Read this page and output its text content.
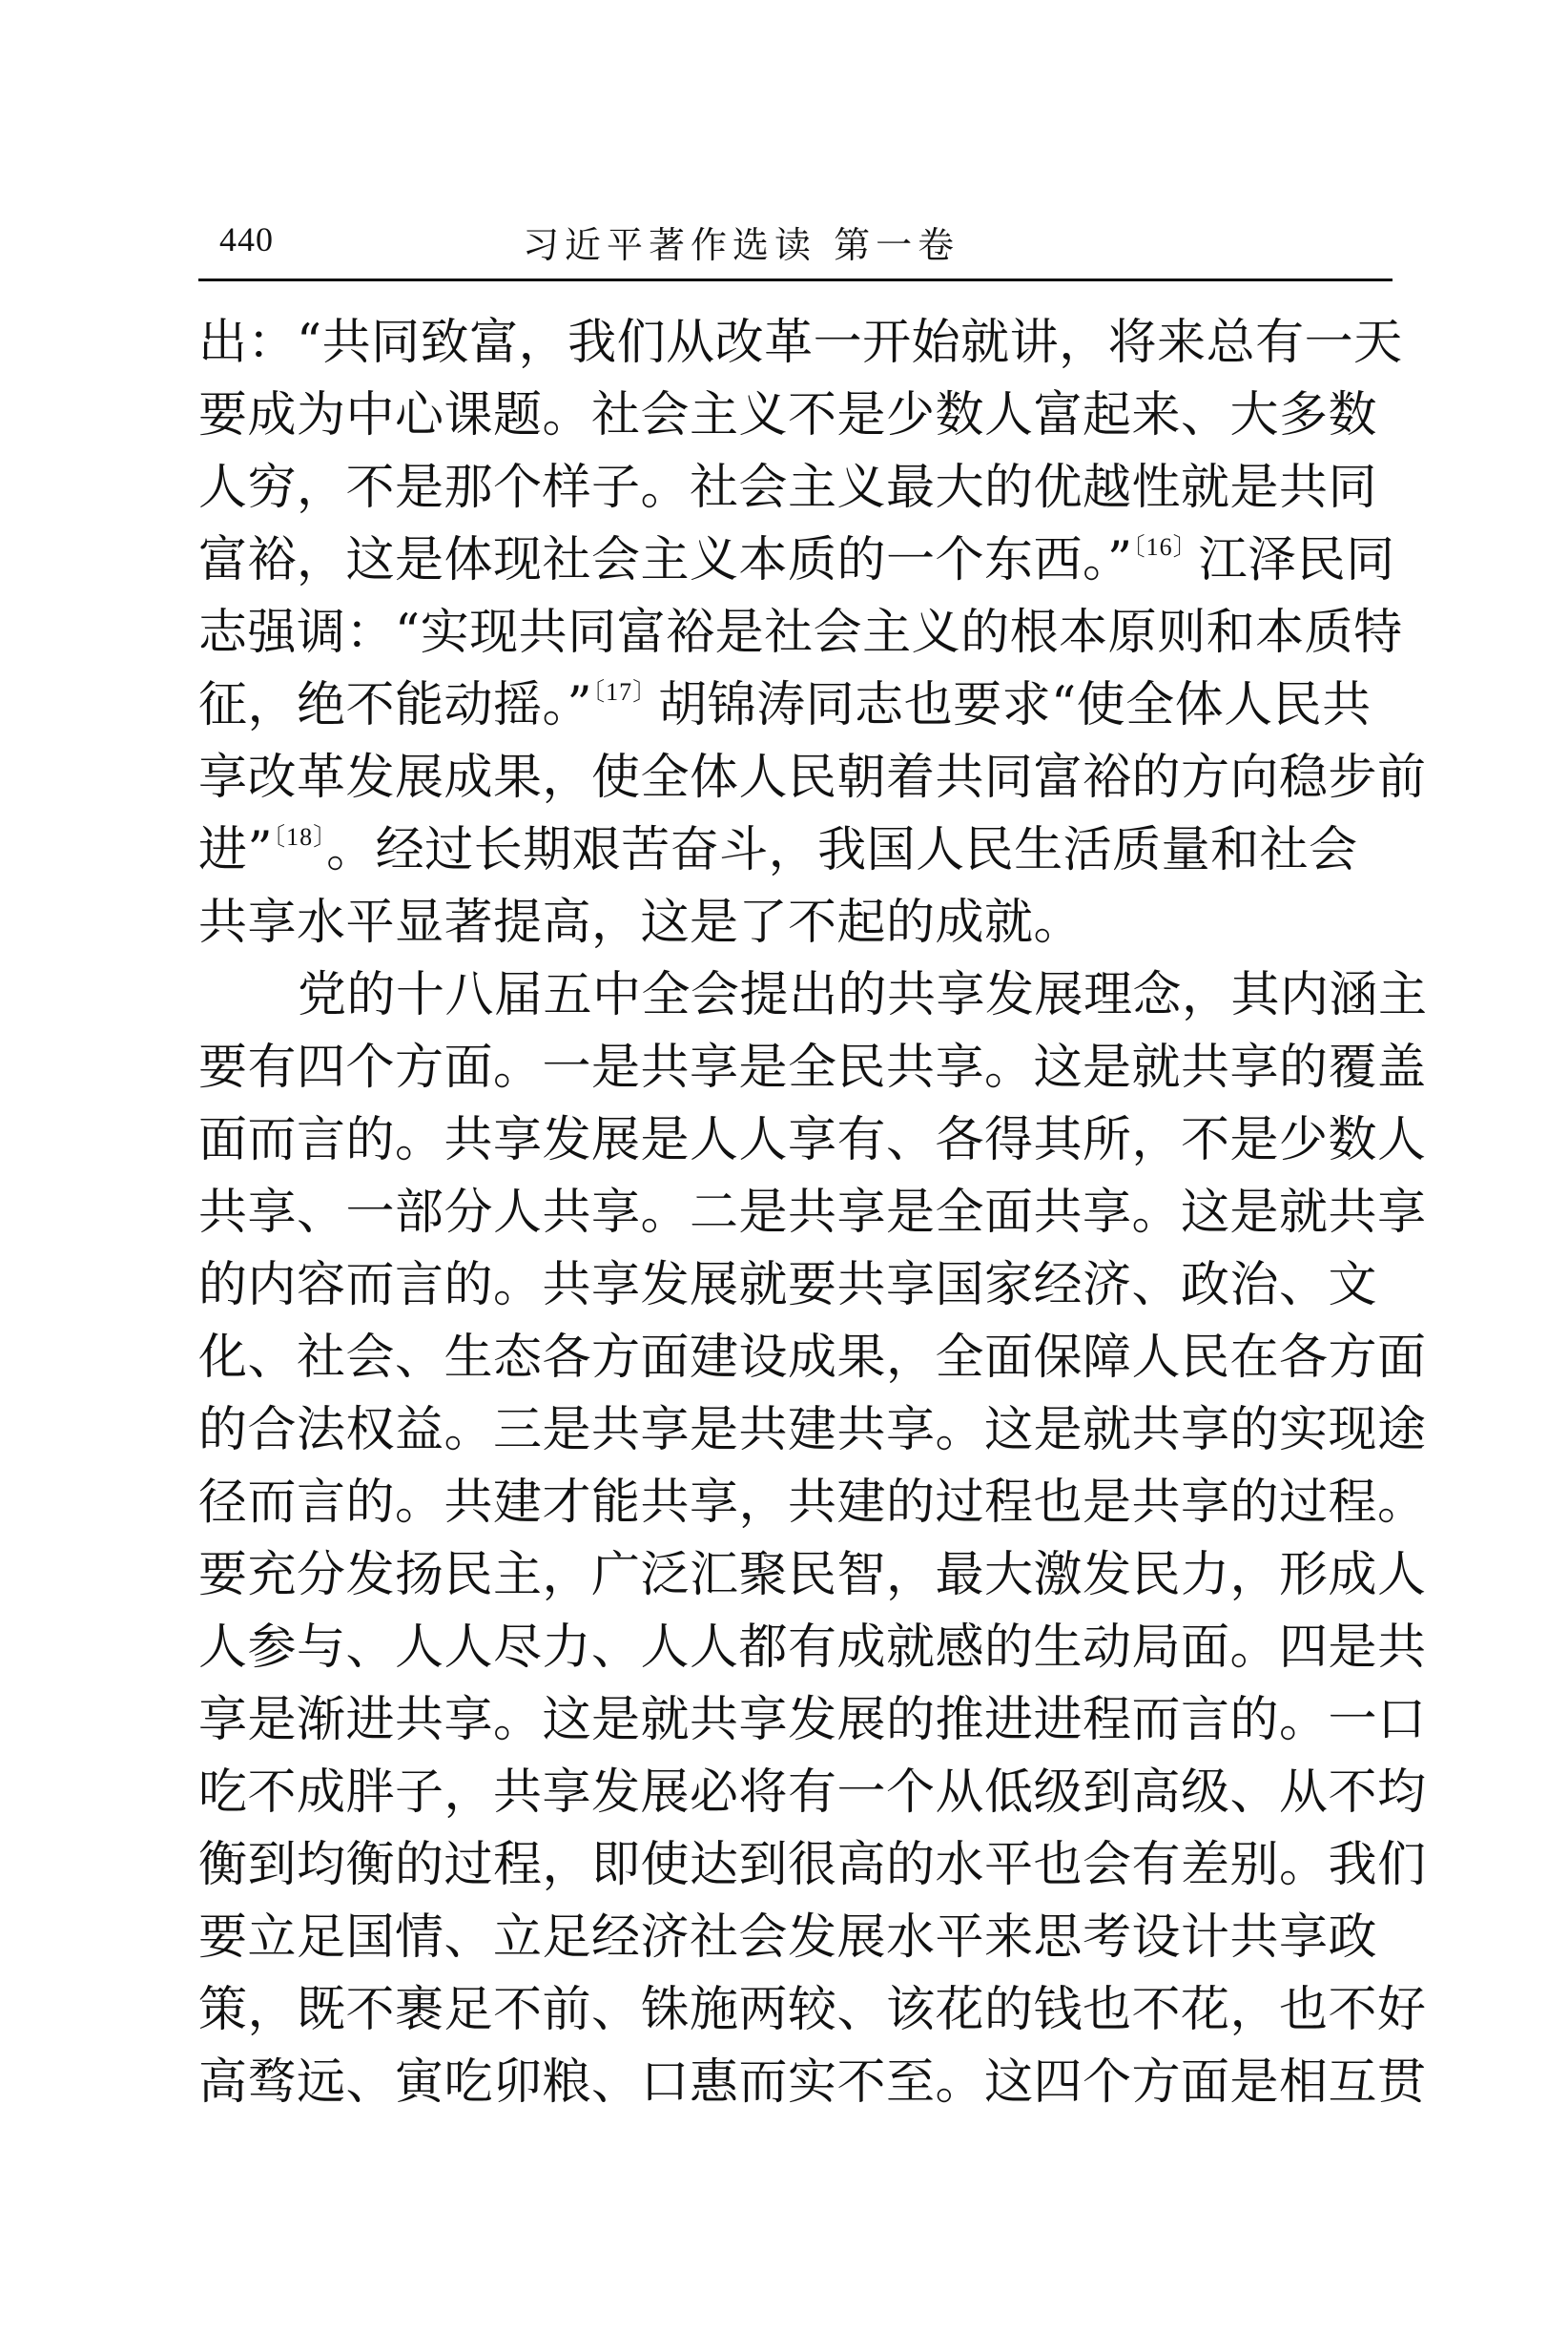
440	习近平著作选读 第一卷
出：“共同致富，我们从改革一开始就讲，将来总有一天
要成为中心课题。社会主义不是少数人富起来、大多数
人穷，不是那个样子。社会主义最大的优越性就是共同
富裕，这是体现社会主义本质的一个东西。”$^{〔16〕}$江泽民同
志强调：“实现共同富裕是社会主义的根本原则和本质特
征，绝不能动摇。”$^{〔17〕}$胡锦涛同志也要求“使全体人民共
享改革发展成果，使全体人民朝着共同富裕的方向稳步前
进”$^{〔18〕}$。经过长期艰苦奋斗，我国人民生活质量和社会
共享水平显著提高，这是了不起的成就。
党的十八届五中全会提出的共享发展理念，其内涵主
要有四个方面。一是共享是全民共享。这是就共享的覆盖
面而言的。共享发展是人人享有、各得其所，不是少数人
共享、一部分人共享。二是共享是全面共享。这是就共享
的内容而言的。共享发展就要共享国家经济、政治、文
化、社会、生态各方面建设成果，全面保障人民在各方面
的合法权益。三是共享是共建共享。这是就共享的实现途
径而言的。共建才能共享，共建的过程也是共享的过程。
要充分发扬民主，广泛汇聚民智，最大激发民力，形成人
人参与、人人尽力、人人都有成就感的生动局面。四是共
享是渐进共享。这是就共享发展的推进进程而言的。一口
吃不成胖子，共享发展必将有一个从低级到高级、从不均
衡到均衡的过程，即使达到很高的水平也会有差别。我们
要立足国情、立足经济社会发展水平来思考设计共享政
策，既不裹足不前、铢施两较、该花的钱也不花，也不好
高骛远、寅吃卯粮、口惠而实不至。这四个方面是相互贯
